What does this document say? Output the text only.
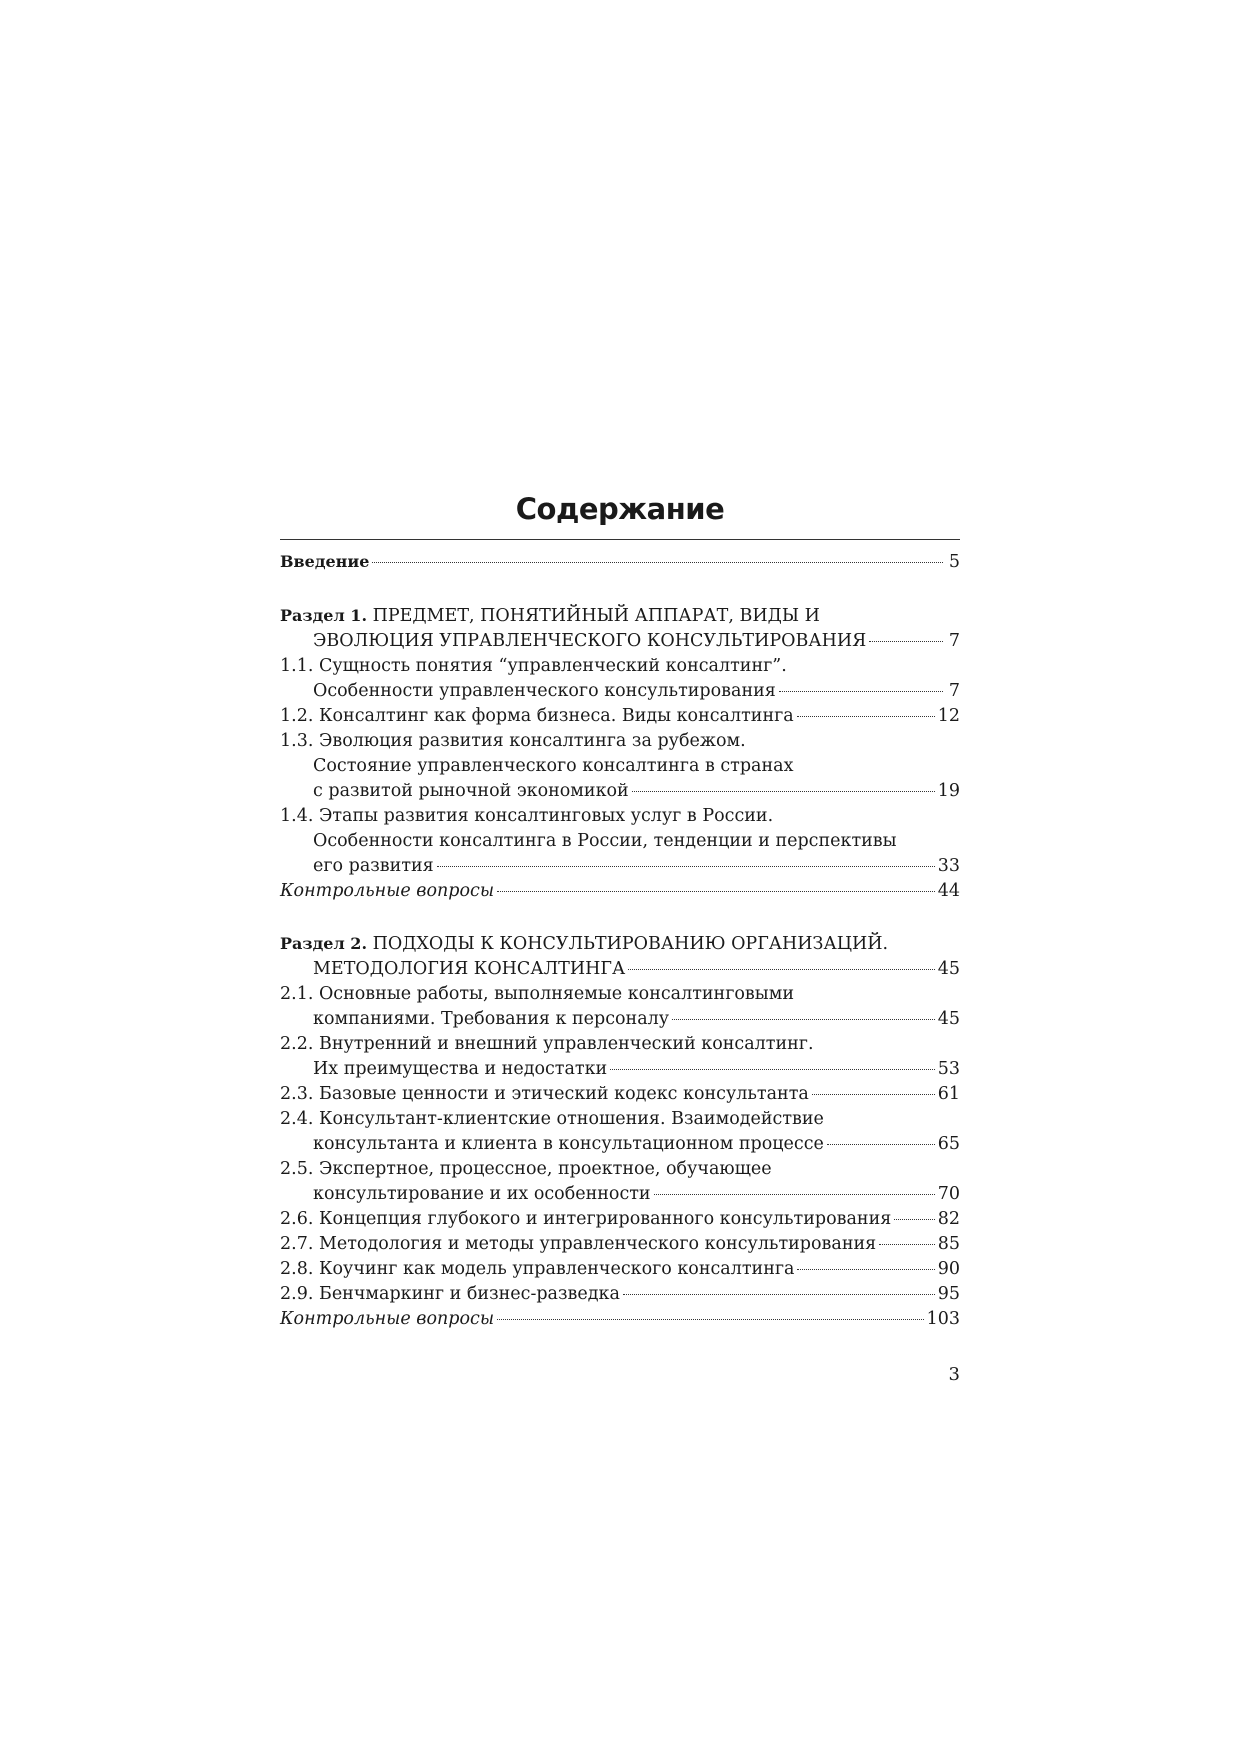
Содержание
Введение	5
Раздел 1. ПРЕДМЕТ, ПОНЯТИЙНЫЙ АППАРАТ, ВИДЫ И
ЭВОЛЮЦИЯ УПРАВЛЕНЧЕСКОГО КОНСУЛЬТИРОВАНИЯ	7
1.1. Сущность понятия “управленческий консалтинг”.
Особенности управленческого консультирования	7
1.2. Консалтинг как форма бизнеса. Виды консалтинга	12
1.3. Эволюция развития консалтинга за рубежом.
Состояние управленческого консалтинга в странах
с развитой рыночной экономикой	19
1.4. Этапы развития консалтинговых услуг в России.
Особенности консалтинга в России, тенденции и перспективы
его развития	33
Контрольные вопросы	44
Раздел 2. ПОДХОДЫ К КОНСУЛЬТИРОВАНИЮ ОРГАНИЗАЦИЙ.
МЕТОДОЛОГИЯ КОНСАЛТИНГА	45
2.1. Основные работы, выполняемые консалтинговыми
компаниями. Требования к персоналу	45
2.2. Внутренний и внешний управленческий консалтинг.
Их преимущества и недостатки	53
2.3. Базовые ценности и этический кодекс консультанта	61
2.4. Консультант-клиентские отношения. Взаимодействие
консультанта и клиента в консультационном процессе	65
2.5. Экспертное, процессное, проектное, обучающее
консультирование и их особенности	70
2.6. Концепция глубокого и интегрированного консультирования	82
2.7. Методология и методы управленческого консультирования	85
2.8. Коучинг как модель управленческого консалтинга	90
2.9. Бенчмаркинг и бизнес-разведка	95
Контрольные вопросы	103
3
